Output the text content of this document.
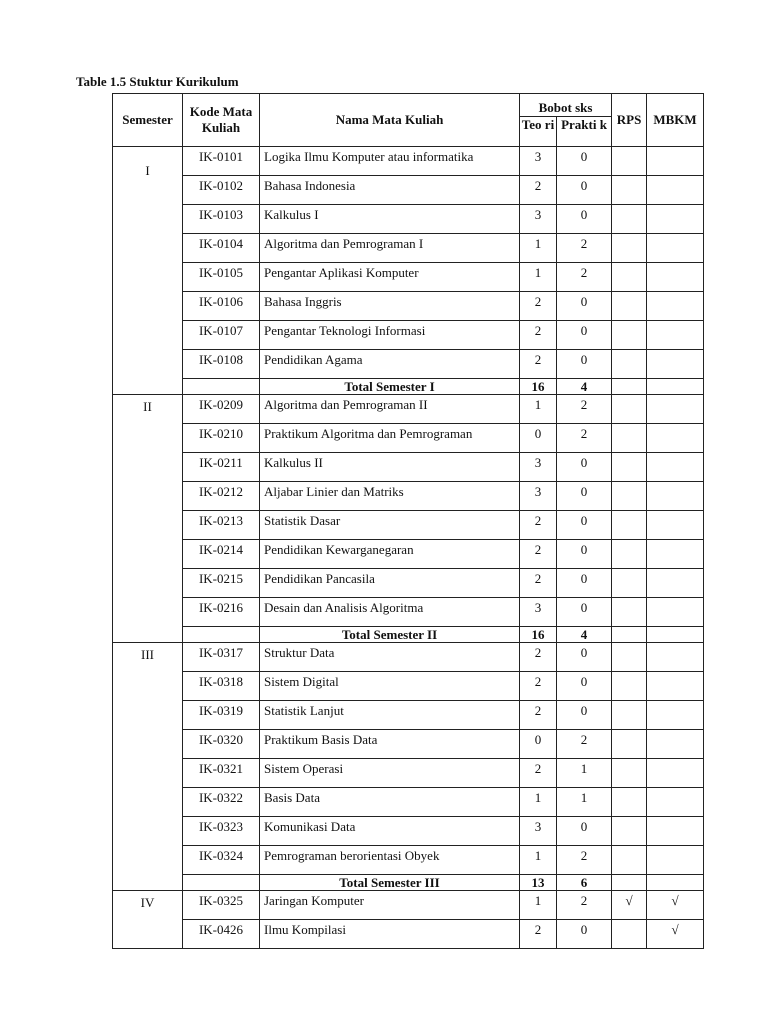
Table 1.5 Stuktur Kurikulum
Semester	Kode Mata Kuliah	Nama Mata Kuliah	Bobot sks		RPS	MBKM
			Teo ri	Prakti k		
I	IK-0101	Logika Ilmu Komputer atau informatika	3	0		
	IK-0102	Bahasa Indonesia	2	0		
	IK-0103	Kalkulus I	3	0		
	IK-0104	Algoritma dan Pemrograman I	1	2		
	IK-0105	Pengantar Aplikasi Komputer	1	2		
	IK-0106	Bahasa Inggris	2	0		
	IK-0107	Pengantar Teknologi Informasi	2	0		
	IK-0108	Pendidikan Agama	2	0		
		Total Semester I	16	4		
II	IK-0209	Algoritma dan Pemrograman II	1	2		
	IK-0210	Praktikum Algoritma dan Pemrograman	0	2		
	IK-0211	Kalkulus II	3	0		
	IK-0212	Aljabar Linier dan Matriks	3	0		
	IK-0213	Statistik Dasar	2	0		
	IK-0214	Pendidikan Kewarganegaran	2	0		
	IK-0215	Pendidikan Pancasila	2	0		
	IK-0216	Desain dan Analisis Algoritma	3	0		
		Total Semester II	16	4		
III	IK-0317	Struktur Data	2	0		
	IK-0318	Sistem Digital	2	0		
	IK-0319	Statistik Lanjut	2	0		
	IK-0320	Praktikum Basis Data	0	2		
	IK-0321	Sistem Operasi	2	1		
	IK-0322	Basis Data	1	1		
	IK-0323	Komunikasi Data	3	0		
	IK-0324	Pemrograman berorientasi Obyek	1	2		
		Total Semester III	13	6		
IV	IK-0325	Jaringan Komputer	1	2	√	√
	IK-0426	Ilmu Kompilasi	2	0		√
